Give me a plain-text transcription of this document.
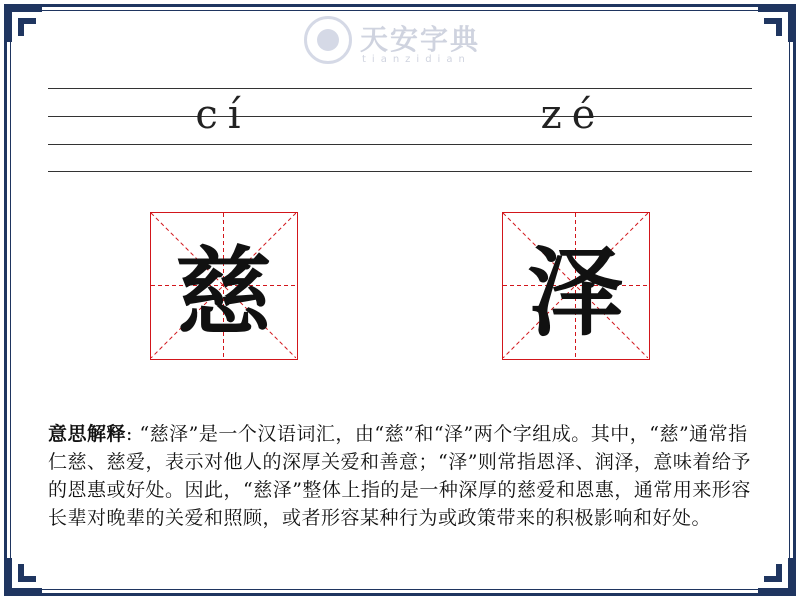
天安字典
tianzidian
cí	zé
慈	泽
意思解释: “慈泽”是一个汉语词汇，由“慈”和“泽”两个字组成。其中，“慈”通常指仁慈、慈爱，表示对他人的深厚关爱和善意；“泽”则常指恩泽、润泽，意味着给予的恩惠或好处。因此，“慈泽”整体上指的是一种深厚的慈爱和恩惠，通常用来形容长辈对晚辈的关爱和照顾，或者形容某种行为或政策带来的积极影响和好处。
